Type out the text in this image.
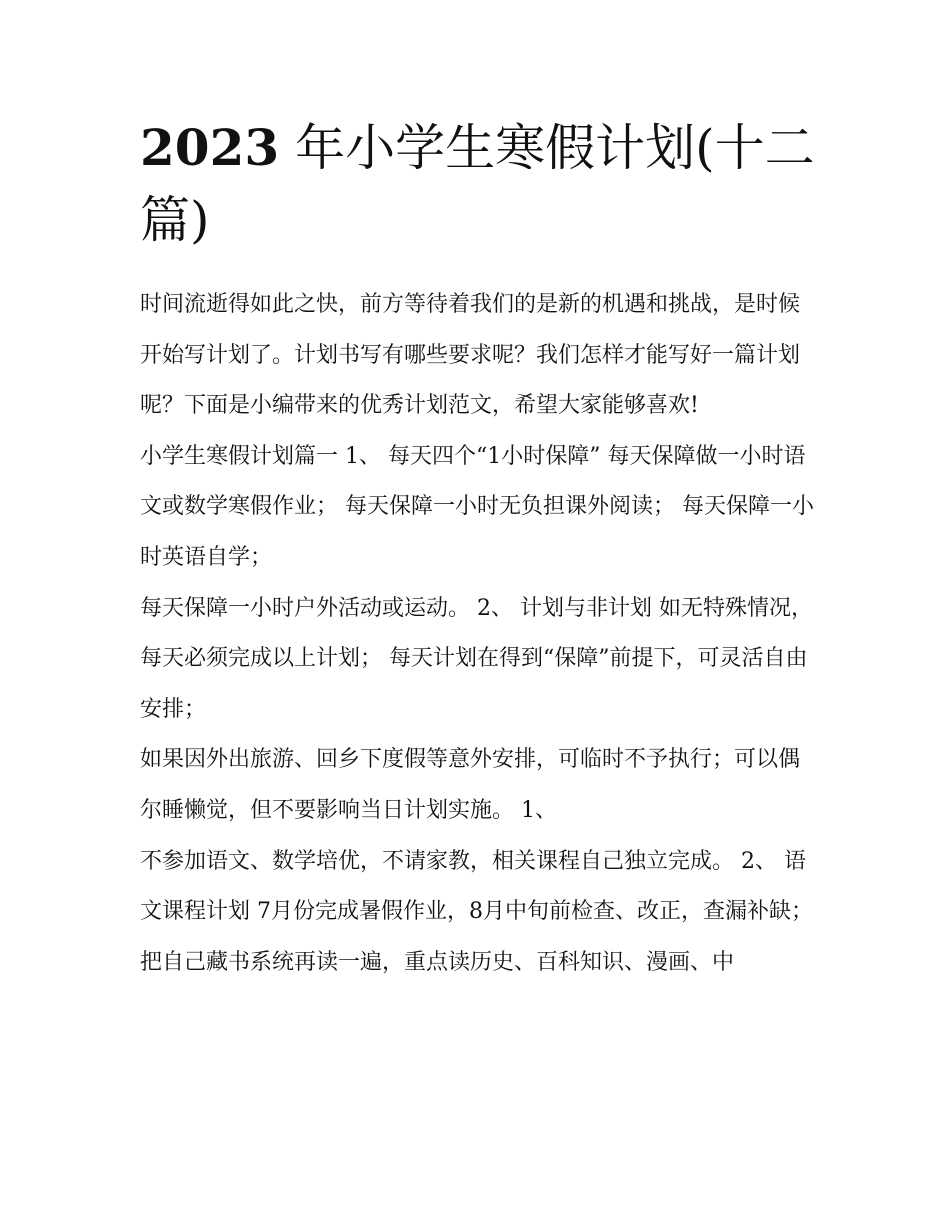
2023 年小学生寒假计划(十二篇)

时间流逝得如此之快，前方等待着我们的是新的机遇和挑战，是时候开始写计划了。计划书写有哪些要求呢？我们怎样才能写好一篇计划呢？下面是小编带来的优秀计划范文，希望大家能够喜欢!

小学生寒假计划篇一 1、 每天四个“1小时保障” 每天保障做一小时语文或数学寒假作业； 每天保障一小时无负担课外阅读； 每天保障一小时英语自学；

每天保障一小时户外活动或运动。 2、 计划与非计划 如无特殊情况，每天必须完成以上计划； 每天计划在得到“保障”前提下，可灵活自由安排；

如果因外出旅游、回乡下度假等意外安排，可临时不予执行；可以偶尔睡懒觉，但不要影响当日计划实施。 1、

不参加语文、数学培优，不请家教，相关课程自己独立完成。 2、 语文课程计划 7月份完成暑假作业，8月中旬前检查、改正，查漏补缺；

把自己藏书系统再读一遍，重点读历史、百科知识、漫画、中
